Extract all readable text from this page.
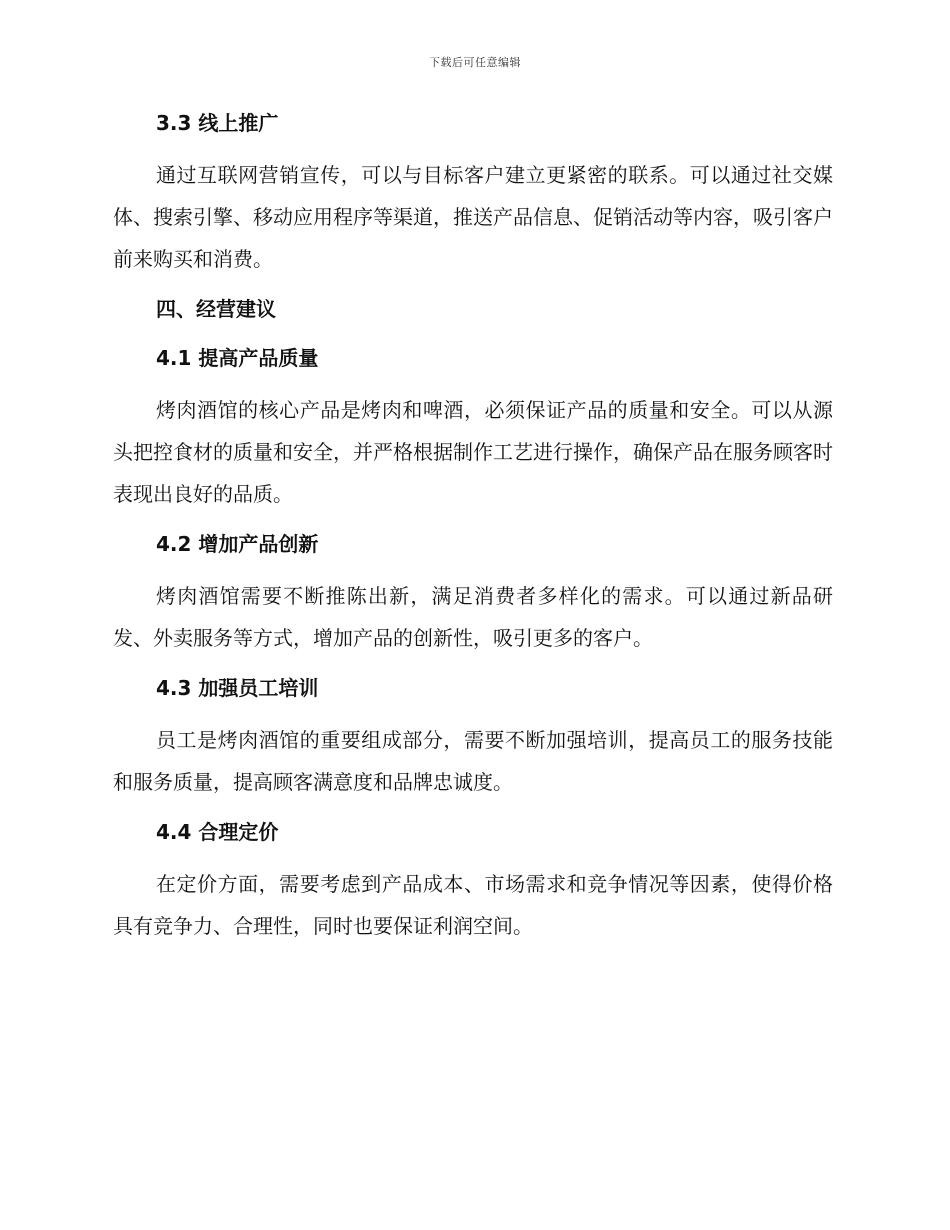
下载后可任意编辑
3.3 线上推广

通过互联网营销宣传，可以与目标客户建立更紧密的联系。可以通过社交媒体、搜索引擎、移动应用程序等渠道，推送产品信息、促销活动等内容，吸引客户前来购买和消费。

四、经营建议
4.1 提高产品质量

烤肉酒馆的核心产品是烤肉和啤酒，必须保证产品的质量和安全。可以从源头把控食材的质量和安全，并严格根据制作工艺进行操作，确保产品在服务顾客时表现出良好的品质。

4.2 增加产品创新

烤肉酒馆需要不断推陈出新，满足消费者多样化的需求。可以通过新品研发、外卖服务等方式，增加产品的创新性，吸引更多的客户。

4.3 加强员工培训

员工是烤肉酒馆的重要组成部分，需要不断加强培训，提高员工的服务技能和服务质量，提高顾客满意度和品牌忠诚度。

4.4 合理定价

在定价方面，需要考虑到产品成本、市场需求和竞争情况等因素，使得价格具有竞争力、合理性，同时也要保证利润空间。
